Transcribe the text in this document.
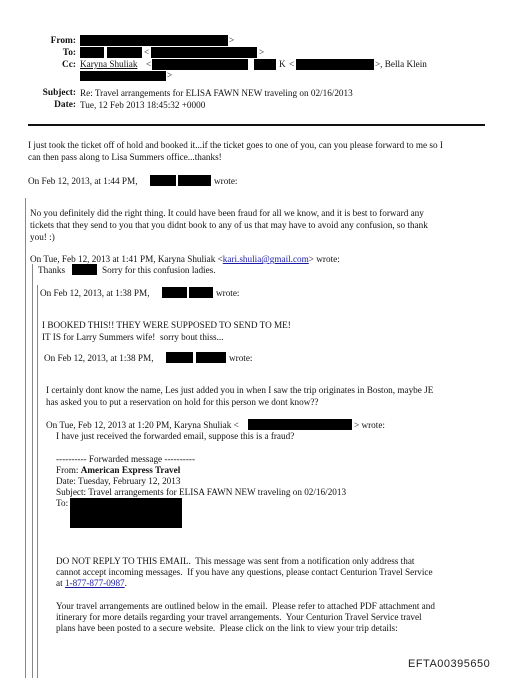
From:	>
To:	<	>
Cc: Karyna Shuliak <	K <	>, Bella Klein
>
Subject: Re: Travel arrangements for ELISA FAWN NEW traveling on 02/16/2013
Date: Tue, 12 Feb 2013 18:45:32 +0000
I just took the ticket off of hold and booked it...if the ticket goes to one of you, can you please forward to me so I
can then pass along to Lisa Summers office...thanks!
On Feb 12, 2013, at 1:44 PM,	wrote:
No you definitely did the right thing. It could have been fraud for all we know, and it is best to forward any
tickets that they send to you that you didnt book to any of us that may have to avoid any confusion, so thank
you! :)
On Tue, Feb 12, 2013 at 1:41 PM, Karyna Shuliak <kari.shulia@gmail.com> wrote:
Thanks	Sorry for this confusion ladies.
On Feb 12, 2013, at 1:38 PM,	wrote:
I BOOKED THIS!! THEY WERE SUPPOSED TO SEND TO ME!
IT IS for Larry Summers wife!  sorry bout thiss...
On Feb 12, 2013, at 1:38 PM,	wrote:
I certainly dont know the name, Les just added you in when I saw the trip originates in Boston, maybe JE
has asked you to put a reservation on hold for this person we dont know??
On Tue, Feb 12, 2013 at 1:20 PM, Karyna Shuliak <	> wrote:
I have just received the forwarded email, suppose this is a fraud?
---------- Forwarded message ----------
From: American Express Travel
Date: Tuesday, February 12, 2013
Subject: Travel arrangements for ELISA FAWN NEW traveling on 02/16/2013
To:
DO NOT REPLY TO THIS EMAIL.  This message was sent from a notification only address that
cannot accept incoming messages.  If you have any questions, please contact Centurion Travel Service
at 1-877-877-0987.
Your travel arrangements are outlined below in the email.  Please refer to attached PDF attachment and
itinerary for more details regarding your travel arrangements.  Your Centurion Travel Service travel
plans have been posted to a secure website.  Please click on the link to view your trip details:
EFTA00395650
